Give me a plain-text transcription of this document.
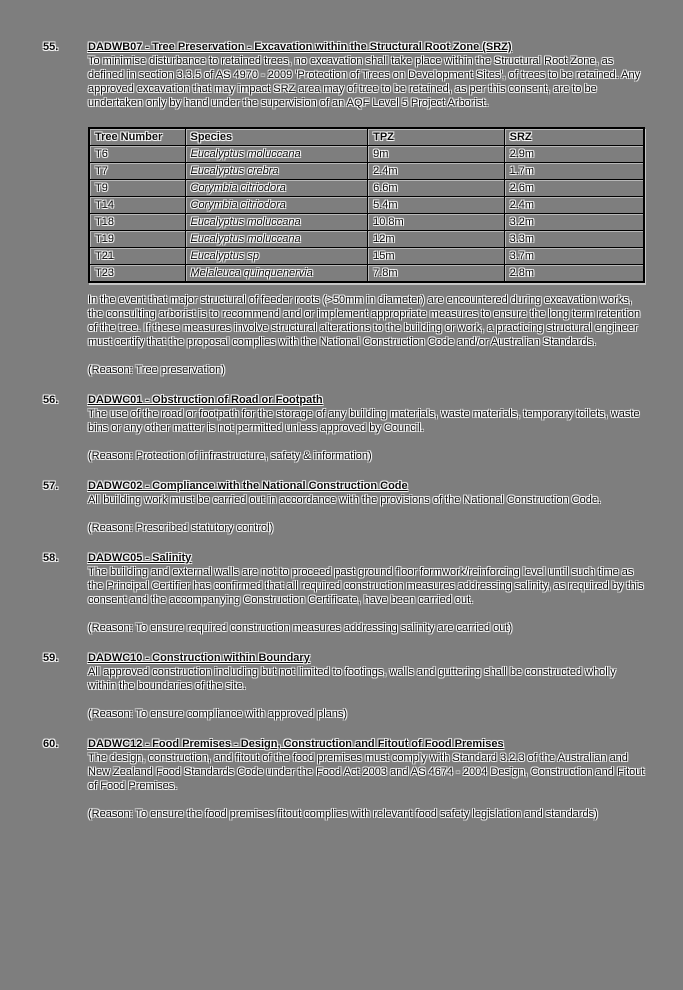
55.	DADWB07 - Tree Preservation - Excavation within the Structural Root Zone (SRZ)

To minimise disturbance to retained trees, no excavation shall take place within the Structural Root Zone, as defined in section 3.3.5 of AS 4970 - 2009 'Protection of Trees on Development Sites', of trees to be retained. Any approved excavation that may impact SRZ area may of tree to be retained, as per this consent, are to be undertaken only by hand under the supervision of an AQF Level 5 Project Arborist.

Tree Number	Species	TPZ	SRZ
T6	Eucalyptus moluccana	9m	2.9m
T7	Eucalyptus crebra	2.4m	1.7m
T9	Corymbia citriodora	6.6m	2.6m
T14	Corymbia citriodora	5.4m	2.4m
T18	Eucalyptus moluccana	10.8m	3.2m
T19	Eucalyptus moluccana	12m	3.3m
T21	Eucalyptus sp	15m	3.7m
T23	Melaleuca quinquenervia	7.8m	2.8m

In the event that major structural of feeder roots (>50mm in diameter) are encountered during excavation works, the consulting arborist is to recommend and or implement appropriate measures to ensure the long term retention of the tree. If these measures involve structural alterations to the building or work, a practicing structural engineer must certify that the proposal complies with the National Construction Code and/or Australian Standards.

(Reason: Tree preservation)

56.	DADWC01 - Obstruction of Road or Footpath

The use of the road or footpath for the storage of any building materials, waste materials, temporary toilets, waste bins or any other matter is not permitted unless approved by Council.

(Reason: Protection of infrastructure, safety & information)

57.	DADWC02 - Compliance with the National Construction Code

All building work must be carried out in accordance with the provisions of the National Construction Code.

(Reason: Prescribed statutory control)

58.	DADWC05 - Salinity

The building and external walls are not to proceed past ground floor formwork/reinforcing level until such time as the Principal Certifier has confirmed that all required construction measures addressing salinity, as required by this consent and the accompanying Construction Certificate, have been carried out.

(Reason: To ensure required construction measures addressing salinity are carried out)

59.	DADWC10 - Construction within Boundary

All approved construction including but not limited to footings, walls and guttering shall be constructed wholly within the boundaries of the site.

(Reason: To ensure compliance with approved plans)

60.	DADWC12 - Food Premises - Design, Construction and Fitout of Food Premises

The design, construction, and fitout of the food premises must comply with Standard 3.2.3 of the Australian and New Zealand Food Standards Code under the Food Act 2003 and AS 4674 - 2004 Design, Construction and Fitout of Food Premises.

(Reason: To ensure the food premises fitout complies with relevant food safety legislation and standards)
